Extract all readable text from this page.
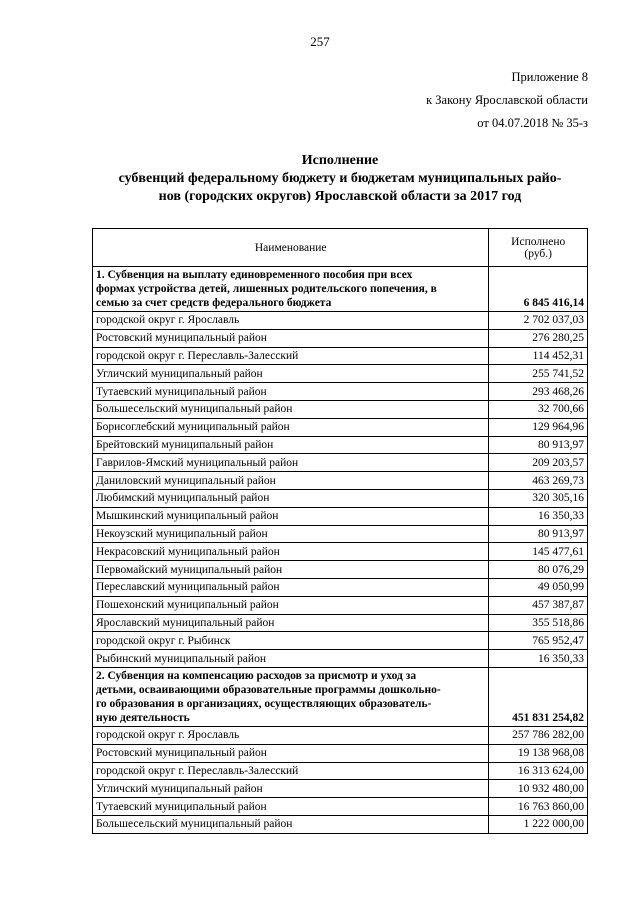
257
Приложение 8
к Закону Ярославской области
от 04.07.2018 № 35-з
Исполнение
субвенций федеральному бюджету и бюджетам муниципальных райо-
нов (городских округов) Ярославской области за 2017 год
Наименование	Исполнено
(руб.)

1. Субвенция на выплату единовременного пособия при всех
формах устройства детей, лишенных родительского попечения, в
семью за счет средств федерального бюджета	6 845 416,14
городской округ г. Ярославль	2 702 037,03
Ростовский муниципальный район	276 280,25
городской округ г. Переславль-Залесский	114 452,31
Угличский муниципальный район	255 741,52
Тутаевский муниципальный район	293 468,26
Большесельский муниципальный район	32 700,66
Борисоглебский муниципальный район	129 964,96
Брейтовский муниципальный район	80 913,97
Гаврилов-Ямский муниципальный район	209 203,57
Даниловский муниципальный район	463 269,73
Любимский муниципальный район	320 305,16
Мышкинский муниципальный район	16 350,33
Некоузский муниципальный район	80 913,97
Некрасовский муниципальный район	145 477,61
Первомайский муниципальный район	80 076,29
Переславский муниципальный район	49 050,99
Пошехонский муниципальный район	457 387,87
Ярославский муниципальный район	355 518,86
городской округ г. Рыбинск	765 952,47
Рыбинский муниципальный район	16 350,33

2. Субвенция на компенсацию расходов за присмотр и уход за
детьми, осваивающими образовательные программы дошкольно-
го образования в организациях, осуществляющих образователь-
ную деятельность	451 831 254,82
городской округ г. Ярославль	257 786 282,00
Ростовский муниципальный район	19 138 968,08
городской округ г. Переславль-Залесский	16 313 624,00
Угличский муниципальный район	10 932 480,00
Тутаевский муниципальный район	16 763 860,00
Большесельский муниципальный район	1 222 000,00
